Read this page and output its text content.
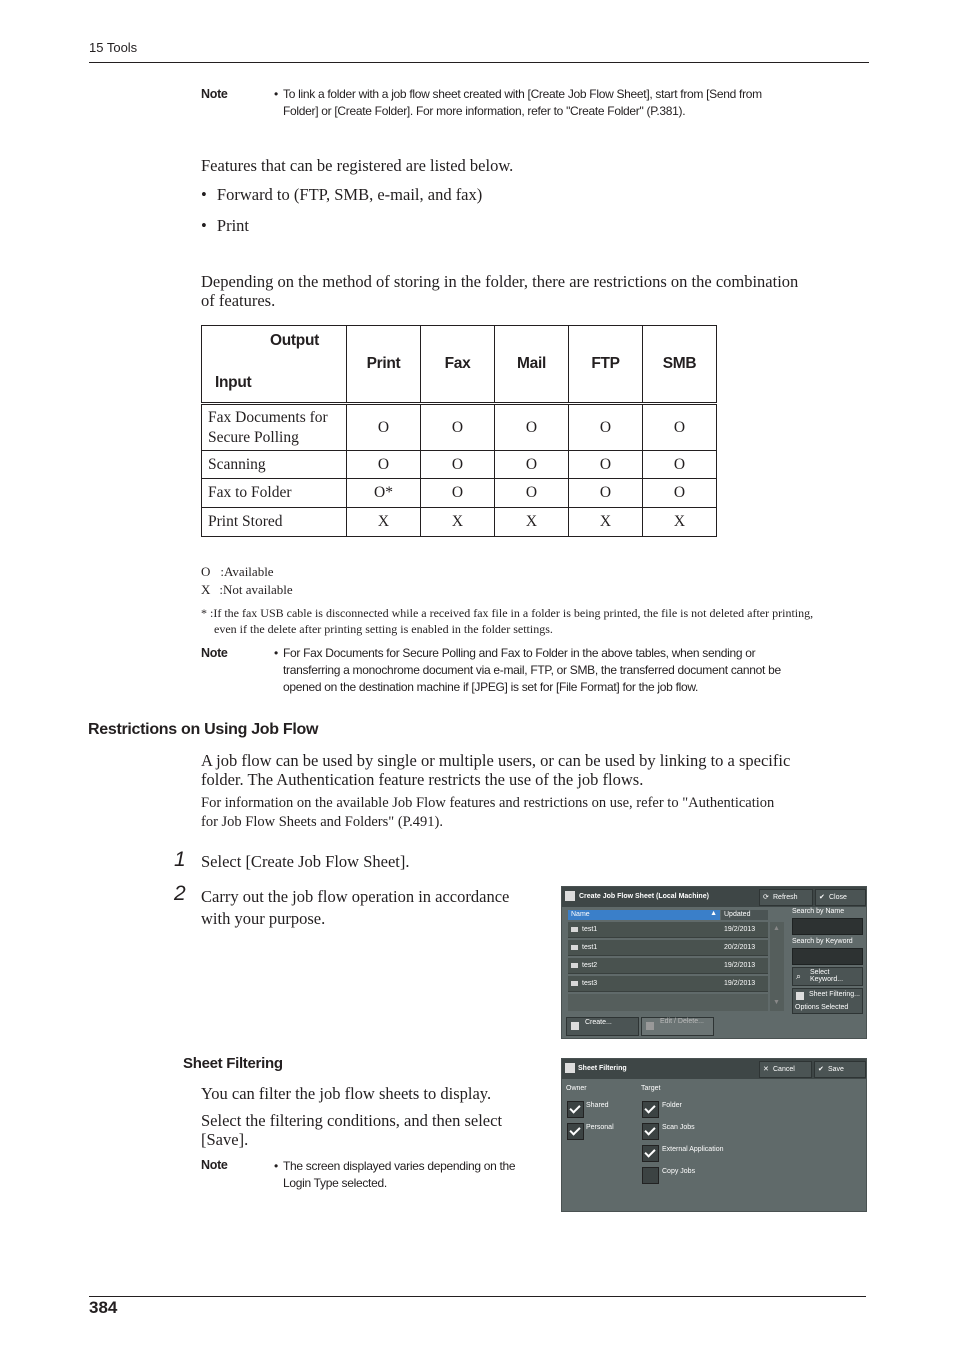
15 Tools
Note	• To link a folder with a job flow sheet created with [Create Job Flow Sheet], start from [Send from
Folder] or [Create Folder]. For more information, refer to "Create Folder" (P.381).
Features that can be registered are listed below.
• Forward to (FTP, SMB, e-mail, and fax)
• Print
Depending on the method of storing in the folder, there are restrictions on the combination
of features.
Output
Input	Print	Fax	Mail	FTP	SMB

Fax Documents for
Secure Polling	O	O	O	O	O
Scanning	O	O	O	O	O
Fax to Folder	O*	O	O	O	O
Print Stored	X	X	X	X	X
O :Available
X :Not available
* :If the fax USB cable is disconnected while a received fax file in a folder is being printed, the file is not deleted after printing,
even if the delete after printing setting is enabled in the folder settings.
Note	• For Fax Documents for Secure Polling and Fax to Folder in the above tables, when sending or
transferring a monochrome document via e-mail, FTP, or SMB, the transferred document cannot be
opened on the destination machine if [JPEG] is set for [File Format] for the job flow.
Restrictions on Using Job Flow
A job flow can be used by single or multiple users, or can be used by linking to a specific
folder. The Authentication feature restricts the use of the job flows.
For information on the available Job Flow features and restrictions on use, refer to "Authentication
for Job Flow Sheets and Folders" (P.491).
1 Select [Create Job Flow Sheet].
2 Carry out the job flow operation in accordance
with your purpose.
Create Job Flow Sheet (Local Machine)	⟳ Refresh	✔ Close
Name	▲ Updated
test1	19/2/2013
test1	20/2/2013
test2	19/2/2013
test3	19/2/2013
▲
▼
Search by Name
Search by Keyword
⌕ Select
Keyword...
Sheet Filtering...
Options Selected
Create...	Edit / Delete...
Sheet Filtering
You can filter the job flow sheets to display.
Select the filtering conditions, and then select
[Save].
Note	• The screen displayed varies depending on the
Login Type selected.
Sheet Filtering	✕ Cancel	✔ Save
Owner	Target
Shared
Personal
Folder
Scan Jobs
External Application
Copy Jobs
384
